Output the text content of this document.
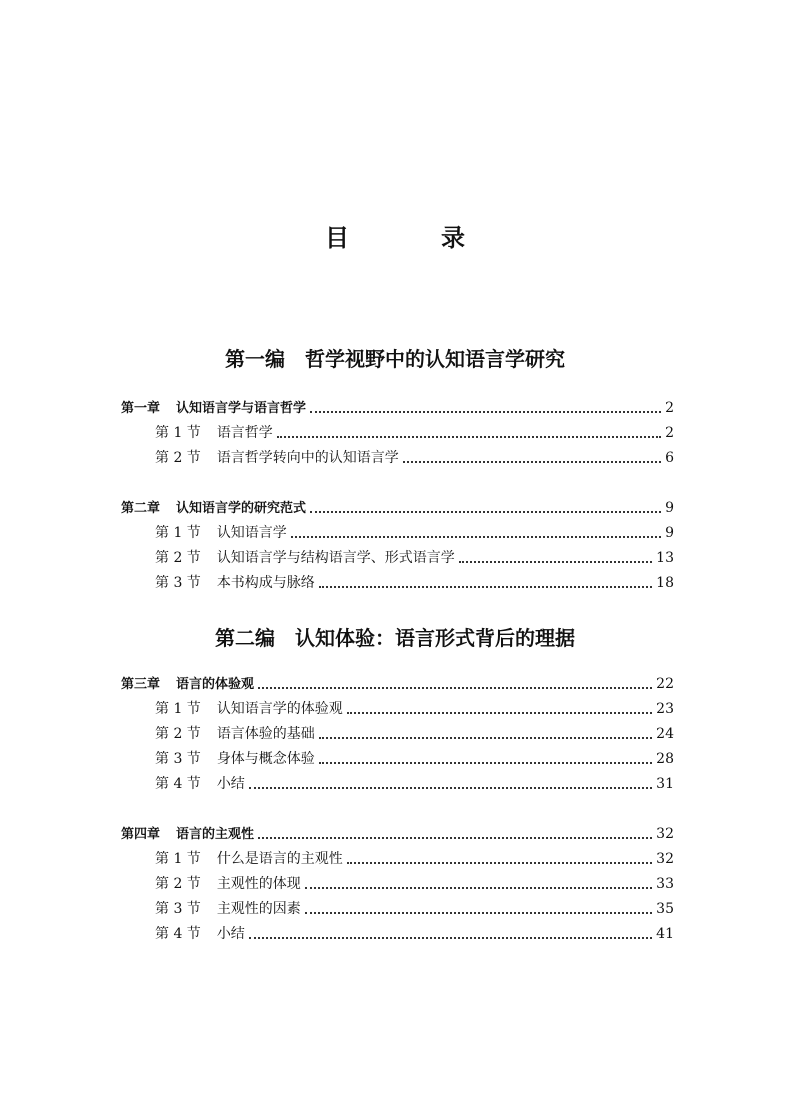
目　录
第一编　哲学视野中的认知语言学研究
第一章 认知语言学与语言哲学	2
第 1 节 语言哲学	2
第 2 节 语言哲学转向中的认知语言学	6
第二章 认知语言学的研究范式	9
第 1 节 认知语言学	9
第 2 节 认知语言学与结构语言学、形式语言学	13
第 3 节 本书构成与脉络	18
第二编　认知体验：语言形式背后的理据
第三章 语言的体验观	22
第 1 节 认知语言学的体验观	23
第 2 节 语言体验的基础	24
第 3 节 身体与概念体验	28
第 4 节 小结	31
第四章 语言的主观性	32
第 1 节 什么是语言的主观性	32
第 2 节 主观性的体现	33
第 3 节 主观性的因素	35
第 4 节 小结	41
